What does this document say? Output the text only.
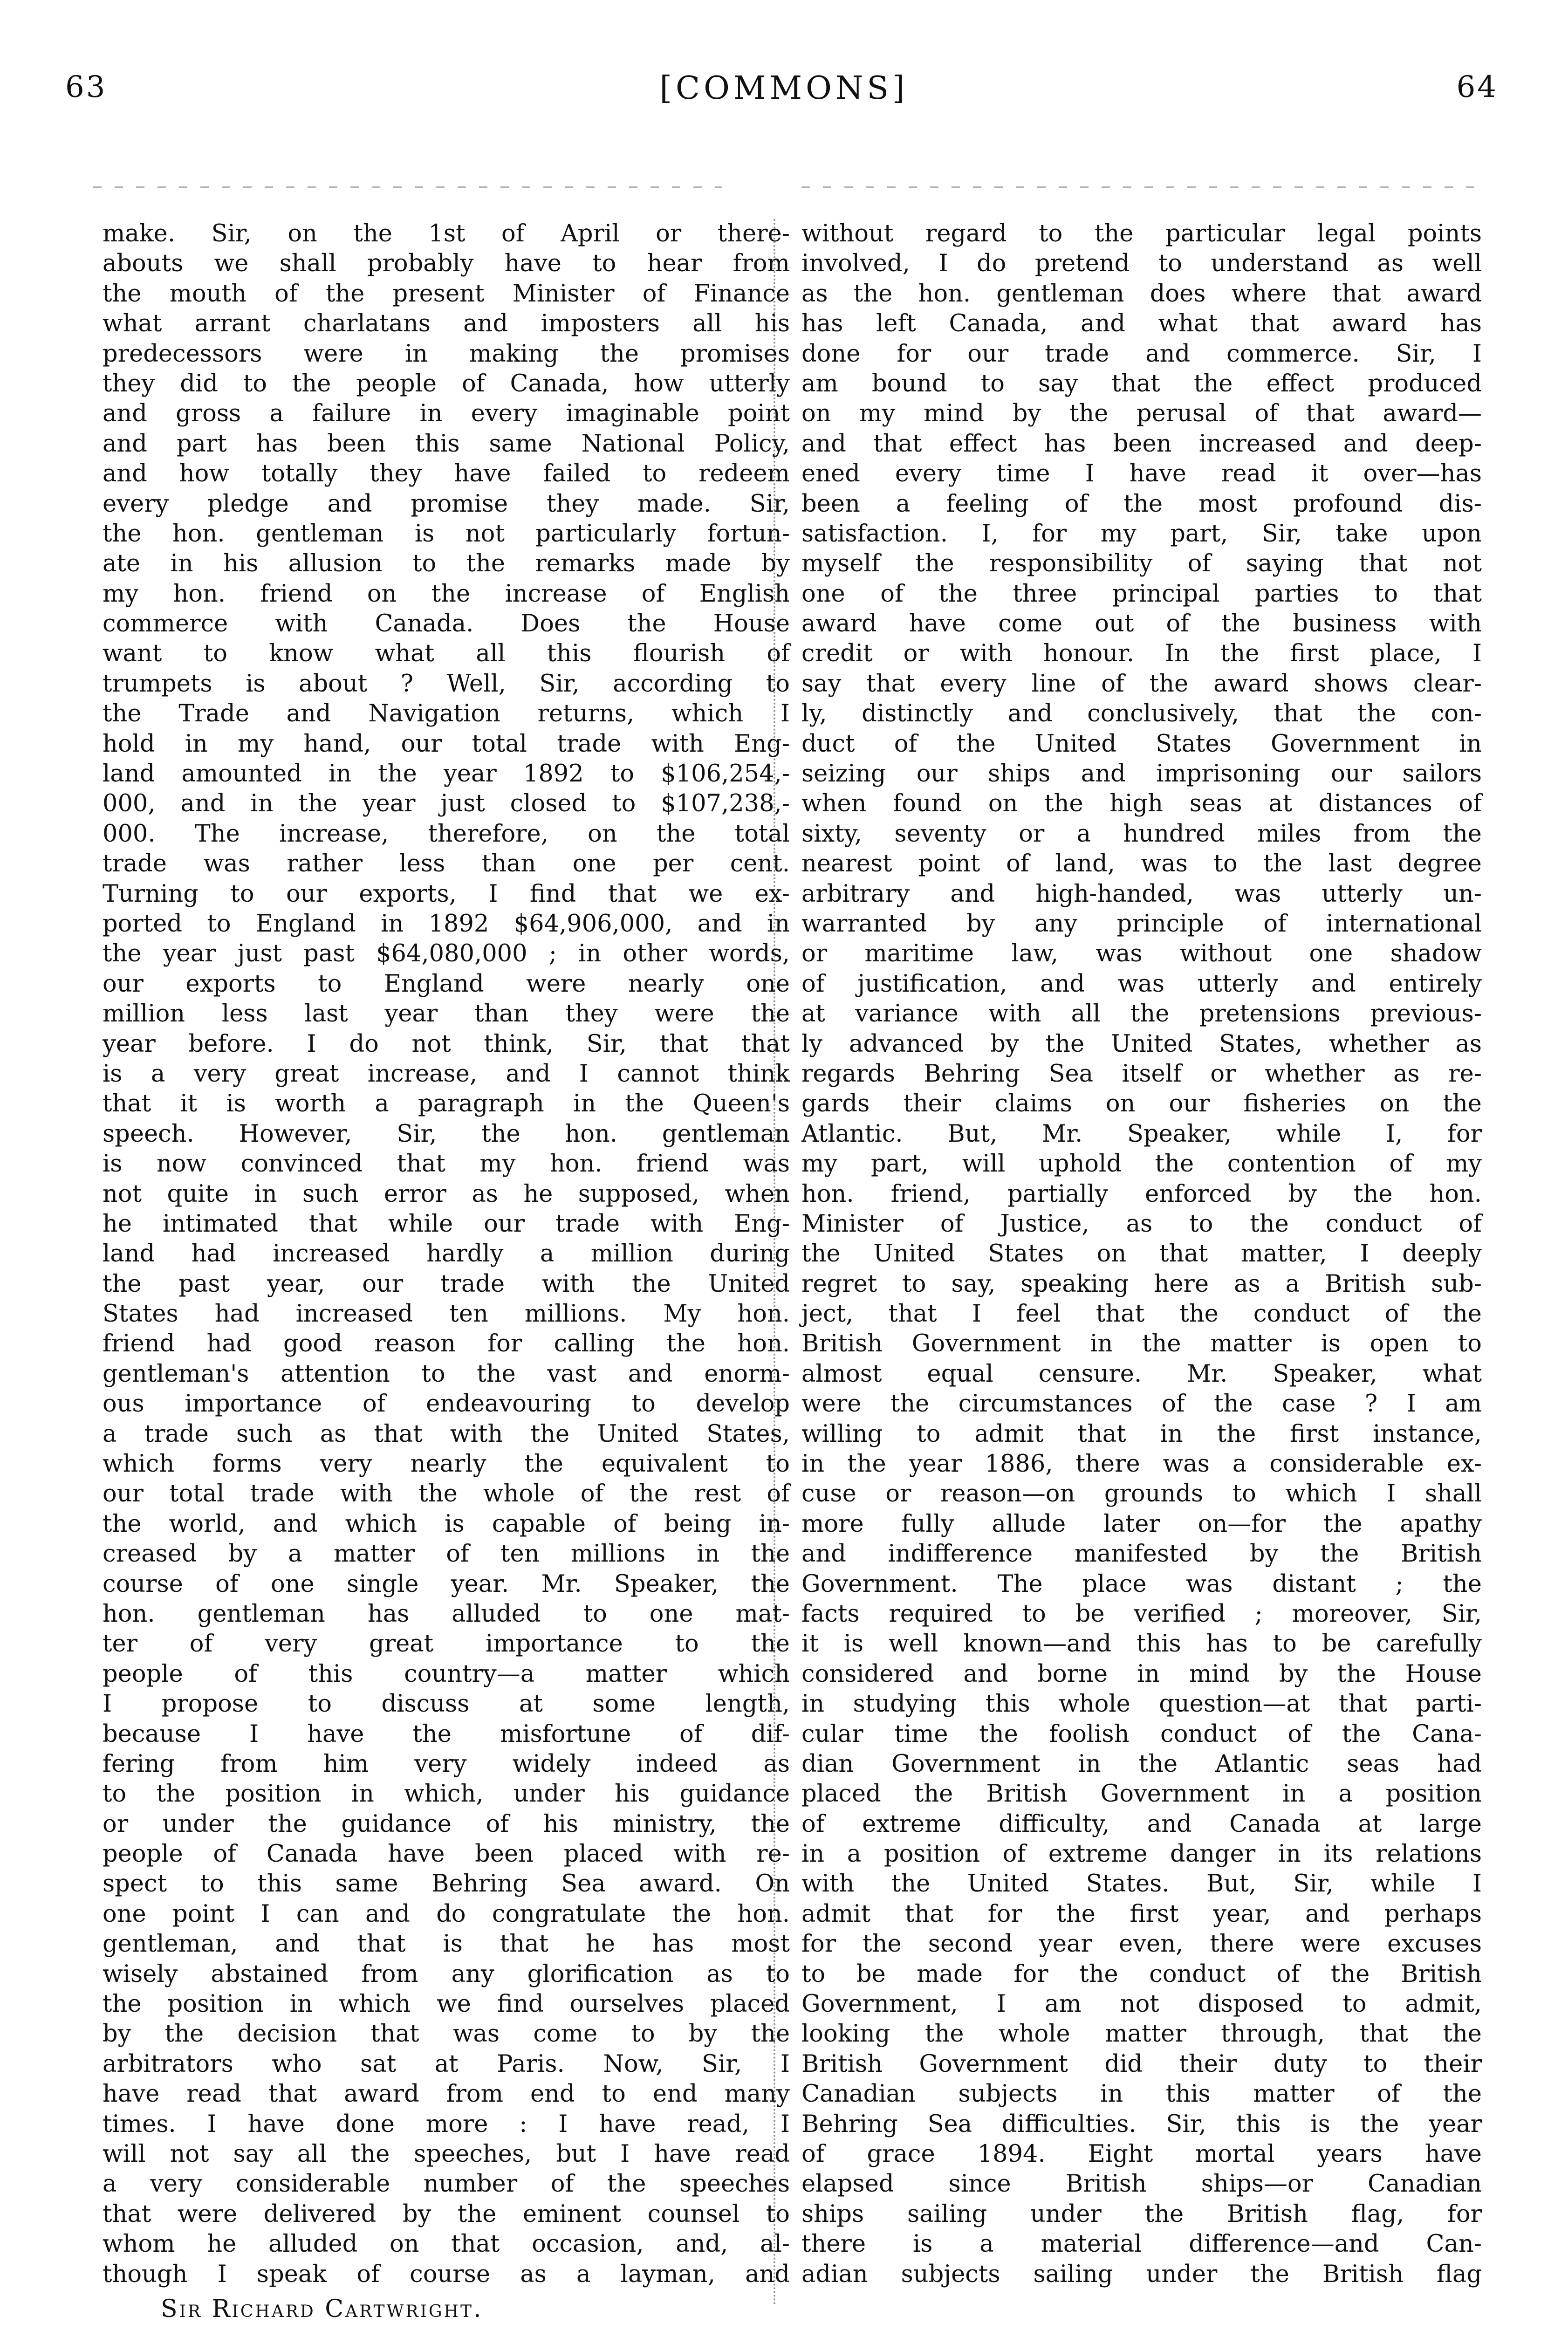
63	[COMMONS]	64
make. Sir, on the 1st of April or there-
abouts we shall probably have to hear from
the mouth of the present Minister of Finance
what arrant charlatans and imposters all his
predecessors were in making the promises
they did to the people of Canada, how utterly
and gross a failure in every imaginable point
and part has been this same National Policy,
and how totally they have failed to redeem
every pledge and promise they made. Sir,
the hon. gentleman is not particularly fortun-
ate in his allusion to the remarks made by
my hon. friend on the increase of English
commerce with Canada. Does the House
want to know what all this flourish of
trumpets is about ? Well, Sir, according to
the Trade and Navigation returns, which I
hold in my hand, our total trade with Eng-
land amounted in the year 1892 to $106,254,-
000, and in the year just closed to $107,238,-
000. The increase, therefore, on the total
trade was rather less than one per cent.
Turning to our exports, I find that we ex-
ported to England in 1892 $64,906,000, and in
the year just past $64,080,000 ; in other words,
our exports to England were nearly one
million less last year than they were the
year before. I do not think, Sir, that that
is a very great increase, and I cannot think
that it is worth a paragraph in the Queen's
speech. However, Sir, the hon. gentleman
is now convinced that my hon. friend was
not quite in such error as he supposed, when
he intimated that while our trade with Eng-
land had increased hardly a million during
the past year, our trade with the United
States had increased ten millions. My hon.
friend had good reason for calling the hon.
gentleman's attention to the vast and enorm-
ous importance of endeavouring to develop
a trade such as that with the United States,
which forms very nearly the equivalent to
our total trade with the whole of the rest of
the world, and which is capable of being in-
creased by a matter of ten millions in the
course of one single year. Mr. Speaker, the
hon. gentleman has alluded to one mat-
ter of very great importance to the
people of this country—a matter which
I propose to discuss at some length,
because I have the misfortune of dif-
fering from him very widely indeed as
to the position in which, under his guidance
or under the guidance of his ministry, the
people of Canada have been placed with re-
spect to this same Behring Sea award. On
one point I can and do congratulate the hon.
gentleman, and that is that he has most
wisely abstained from any glorification as to
the position in which we find ourselves placed
by the decision that was come to by the
arbitrators who sat at Paris. Now, Sir, I
have read that award from end to end many
times. I have done more : I have read, I
will not say all the speeches, but I have read
a very considerable number of the speeches
that were delivered by the eminent counsel to
whom he alluded on that occasion, and, al-
though I speak of course as a layman, and
without regard to the particular legal points
involved, I do pretend to understand as well
as the hon. gentleman does where that award
has left Canada, and what that award has
done for our trade and commerce. Sir, I
am bound to say that the effect produced
on my mind by the perusal of that award—
and that effect has been increased and deep-
ened every time I have read it over—has
been a feeling of the most profound dis-
satisfaction. I, for my part, Sir, take upon
myself the responsibility of saying that not
one of the three principal parties to that
award have come out of the business with
credit or with honour. In the first place, I
say that every line of the award shows clear-
ly, distinctly and conclusively, that the con-
duct of the United States Government in
seizing our ships and imprisoning our sailors
when found on the high seas at distances of
sixty, seventy or a hundred miles from the
nearest point of land, was to the last degree
arbitrary and high-handed, was utterly un-
warranted by any principle of international
or maritime law, was without one shadow
of justification, and was utterly and entirely
at variance with all the pretensions previous-
ly advanced by the United States, whether as
regards Behring Sea itself or whether as re-
gards their claims on our fisheries on the
Atlantic. But, Mr. Speaker, while I, for
my part, will uphold the contention of my
hon. friend, partially enforced by the hon.
Minister of Justice, as to the conduct of
the United States on that matter, I deeply
regret to say, speaking here as a British sub-
ject, that I feel that the conduct of the
British Government in the matter is open to
almost equal censure. Mr. Speaker, what
were the circumstances of the case ? I am
willing to admit that in the first instance,
in the year 1886, there was a considerable ex-
cuse or reason—on grounds to which I shall
more fully allude later on—for the apathy
and indifference manifested by the British
Government. The place was distant ; the
facts required to be verified ; moreover, Sir,
it is well known—and this has to be carefully
considered and borne in mind by the House
in studying this whole question—at that parti-
cular time the foolish conduct of the Cana-
dian Government in the Atlantic seas had
placed the British Government in a position
of extreme difficulty, and Canada at large
in a position of extreme danger in its relations
with the United States. But, Sir, while I
admit that for the first year, and perhaps
for the second year even, there were excuses
to be made for the conduct of the British
Government, I am not disposed to admit,
looking the whole matter through, that the
British Government did their duty to their
Canadian subjects in this matter of the
Behring Sea difficulties. Sir, this is the year
of grace 1894. Eight mortal years have
elapsed since British ships—or Canadian
ships sailing under the British flag, for
there is a material difference—and Can-
adian subjects sailing under the British flag
Sir Richard Cartwright.
